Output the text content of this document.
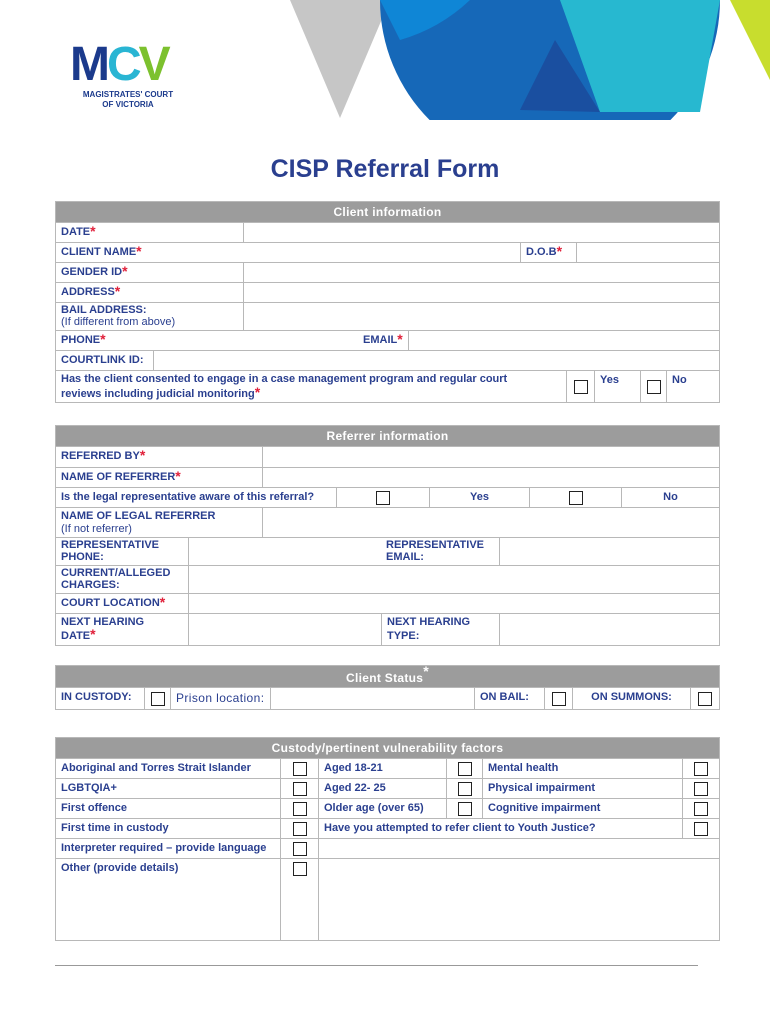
MCV
MAGISTRATES' COURT
OF VICTORIA
CISP Referral Form
Client information
DATE*
CLIENT NAME*	D.O.B*
GENDER ID*
ADDRESS*
BAIL ADDRESS:
(If different from above)
PHONE*	EMAIL*
COURTLINK ID:
Has the client consented to engage in a case management program and regular court
reviews including judicial monitoring*
Yes	No
Referrer information
REFERRED BY*
NAME OF REFERRER*
Is the legal representative aware of this referral?	Yes	No
NAME OF LEGAL REFERRER
(If not referrer)
REPRESENTATIVE
PHONE:
REPRESENTATIVE
EMAIL:
CURRENT/ALLEGED
CHARGES:
COURT LOCATION*
NEXT HEARING
DATE*
NEXT HEARING
TYPE:
Client Status*
IN CUSTODY:	Prison location:	ON BAIL:	ON SUMMONS:
Custody/pertinent vulnerability factors
Aboriginal and Torres Strait Islander	Aged 18-21	Mental health
LGBTQIA+	Aged 22- 25	Physical impairment
First offence	Older age (over 65)	Cognitive impairment
First time in custody	Have you attempted to refer client to Youth Justice?
Interpreter required – provide language
Other (provide details)
